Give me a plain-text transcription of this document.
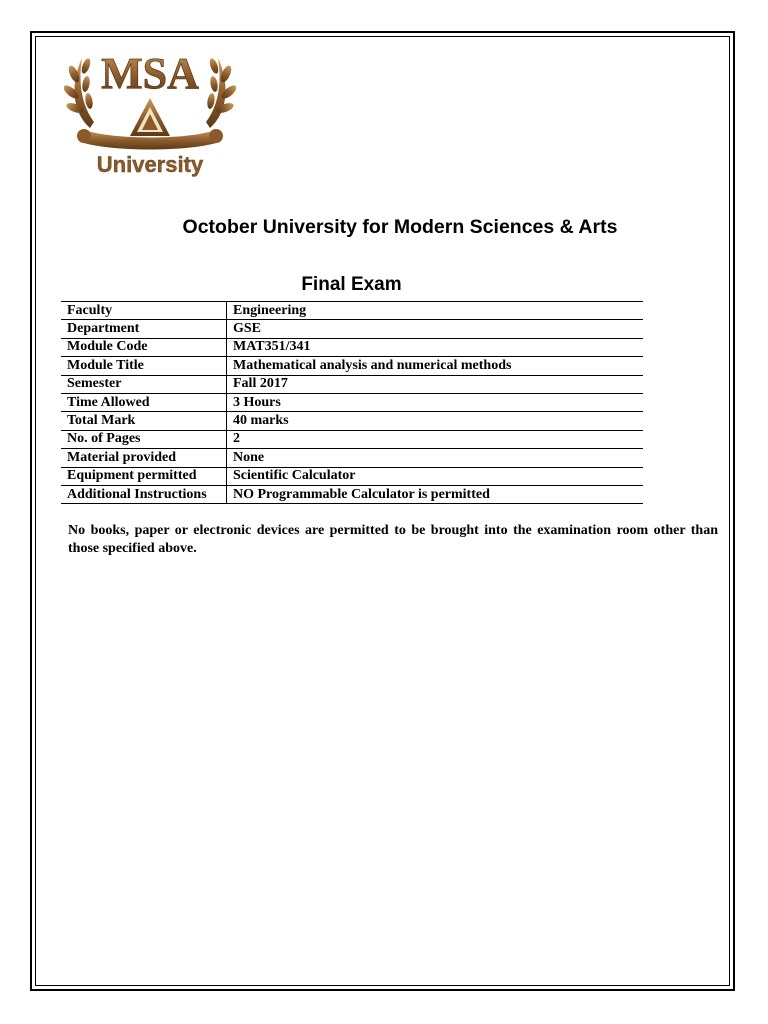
MSA
University
October University for Modern Sciences & Arts
Final Exam
Faculty	Engineering
Department	GSE
Module Code	MAT351/341
Module Title	Mathematical analysis and numerical methods
Semester	Fall 2017
Time Allowed	3 Hours
Total Mark	40 marks
No. of Pages	2
Material provided	None
Equipment permitted	Scientific Calculator
Additional Instructions	NO Programmable Calculator is permitted
No books, paper or electronic devices are permitted to be brought into the examination room other than those specified above.
